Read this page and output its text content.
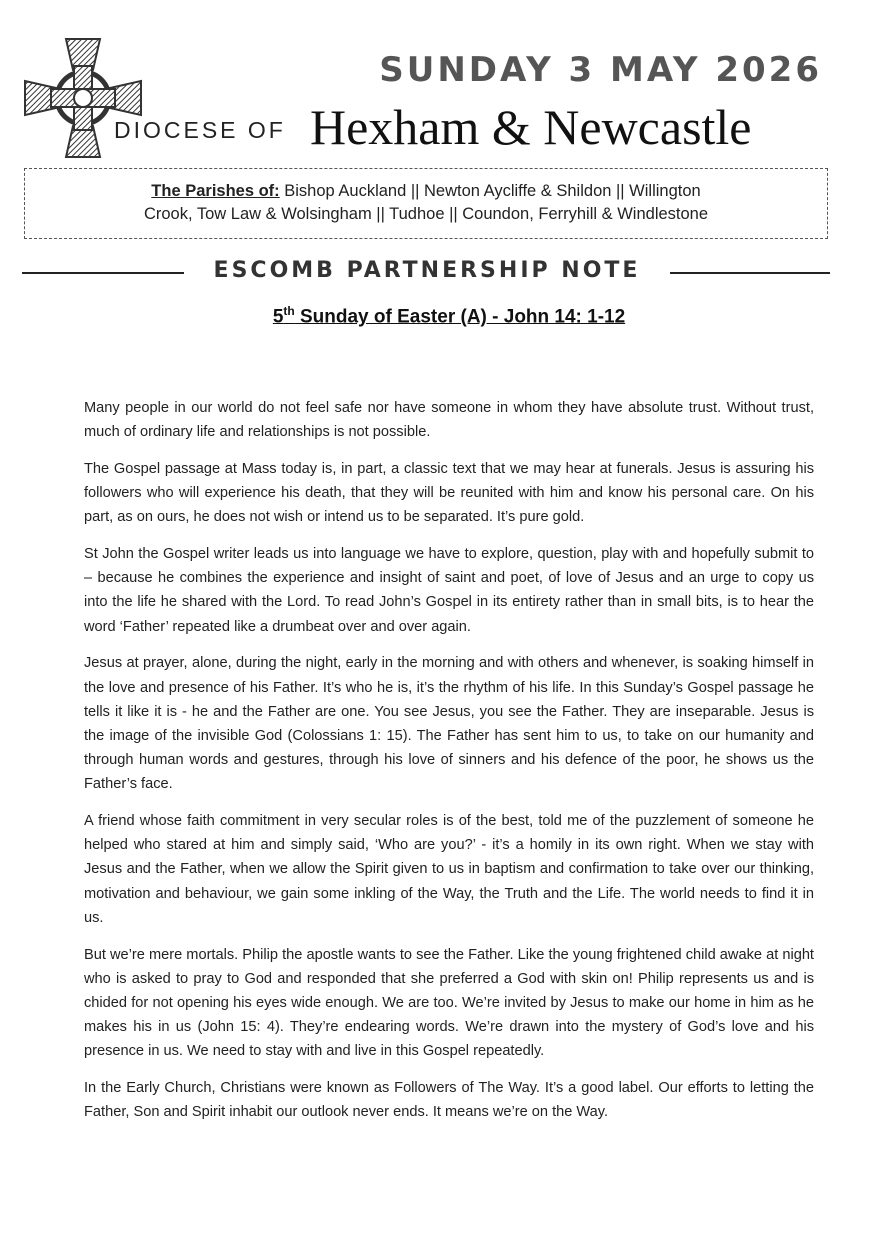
SUNDAY 3 MAY 2026
DIOCESE OF Hexham & Newcastle
The Parishes of: Bishop Auckland || Newton Aycliffe & Shildon || Willington
Crook, Tow Law & Wolsingham || Tudhoe || Coundon, Ferryhill & Windlestone
ESCOMB PARTNERSHIP NOTE
5th Sunday of Easter (A) - John 14: 1-12

Many people in our world do not feel safe nor have someone in whom they have absolute trust. Without trust, much of ordinary life and relationships is not possible.

The Gospel passage at Mass today is, in part, a classic text that we may hear at funerals. Jesus is assuring his followers who will experience his death, that they will be reunited with him and know his personal care. On his part, as on ours, he does not wish or intend us to be separated. It’s pure gold.

St John the Gospel writer leads us into language we have to explore, question, play with and hopefully submit to – because he combines the experience and insight of saint and poet, of love of Jesus and an urge to copy us into the life he shared with the Lord. To read John’s Gospel in its entirety rather than in small bits, is to hear the word ‘Father’ repeated like a drumbeat over and over again.

Jesus at prayer, alone, during the night, early in the morning and with others and whenever, is soaking himself in the love and presence of his Father. It’s who he is, it’s the rhythm of his life. In this Sunday’s Gospel passage he tells it like it is - he and the Father are one. You see Jesus, you see the Father. They are inseparable. Jesus is the image of the invisible God (Colossians 1: 15). The Father has sent him to us, to take on our humanity and through human words and gestures, through his love of sinners and his defence of the poor, he shows us the Father’s face.

A friend whose faith commitment in very secular roles is of the best, told me of the puzzlement of someone he helped who stared at him and simply said, ‘Who are you?’ - it’s a homily in its own right. When we stay with Jesus and the Father, when we allow the Spirit given to us in baptism and confirmation to take over our thinking, motivation and behaviour, we gain some inkling of the Way, the Truth and the Life. The world needs to find it in us.

But we’re mere mortals. Philip the apostle wants to see the Father. Like the young frightened child awake at night who is asked to pray to God and responded that she preferred a God with skin on! Philip represents us and is chided for not opening his eyes wide enough. We are too. We’re invited by Jesus to make our home in him as he makes his in us (John 15: 4). They’re endearing words. We’re drawn into the mystery of God’s love and his presence in us. We need to stay with and live in this Gospel repeatedly.

In the Early Church, Christians were known as Followers of The Way. It’s a good label. Our efforts to letting the Father, Son and Spirit inhabit our outlook never ends. It means we’re on the Way.
